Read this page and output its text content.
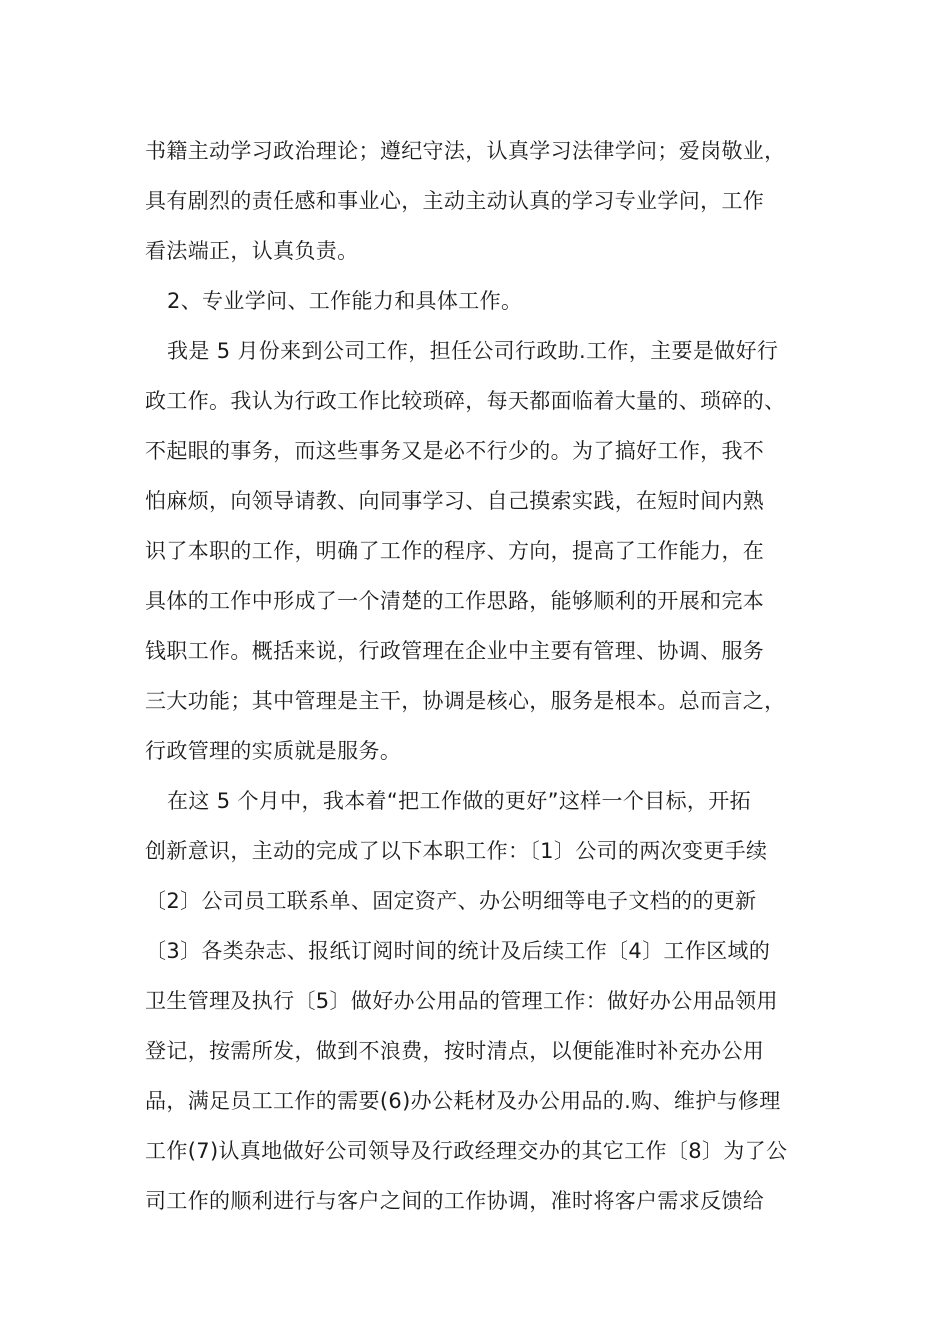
书籍主动学习政治理论；遵纪守法，认真学习法律学问；爱岗敬业，
具有剧烈的责任感和事业心，主动主动认真的学习专业学问，工作
看法端正，认真负责。
2、专业学问、工作能力和具体工作。
我是 5 月份来到公司工作，担任公司行政助.工作，主要是做好行
政工作。我认为行政工作比较琐碎，每天都面临着大量的、琐碎的、
不起眼的事务，而这些事务又是必不行少的。为了搞好工作，我不
怕麻烦，向领导请教、向同事学习、自己摸索实践，在短时间内熟
识了本职的工作，明确了工作的程序、方向，提高了工作能力，在
具体的工作中形成了一个清楚的工作思路，能够顺利的开展和完本
钱职工作。概括来说，行政管理在企业中主要有管理、协调、服务
三大功能；其中管理是主干，协调是核心，服务是根本。总而言之，
行政管理的实质就是服务。
在这 5 个月中，我本着“把工作做的更好”这样一个目标，开拓
创新意识，主动的完成了以下本职工作：〔1〕公司的两次变更手续
〔2〕公司员工联系单、固定资产、办公明细等电子文档的的更新
〔3〕各类杂志、报纸订阅时间的统计及后续工作〔4〕工作区域的
卫生管理及执行〔5〕做好办公用品的管理工作：做好办公用品领用
登记，按需所发，做到不浪费，按时清点，以便能准时补充办公用
品，满足员工工作的需要(6)办公耗材及办公用品的.购、维护与修理
工作(7)认真地做好公司领导及行政经理交办的其它工作〔8〕为了公
司工作的顺利进行与客户之间的工作协调，准时将客户需求反馈给
